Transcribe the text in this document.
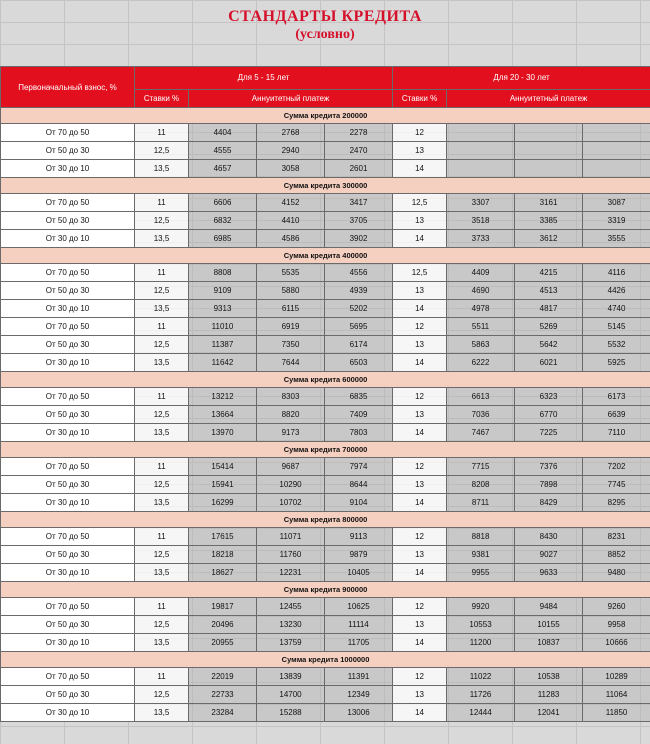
СТАНДАРТЫ КРЕДИТА
(условно)
Первоначальный взнос, %	Для 5 - 15 лет				Для 20 - 30 лет			
	Ставки %	Аннуитетный платеж			Ставки %	Аннуитетный платеж		
Сумма кредита 200000								
От 70 до 50	11	4404	2768	2278	12			
От 50 до 30	12,5	4555	2940	2470	13			
От 30 до 10	13,5	4657	3058	2601	14			
Сумма кредита 300000								
От 70 до 50	11	6606	4152	3417	12,5	3307	3161	3087
От 50 до 30	12,5	6832	4410	3705	13	3518	3385	3319
От 30 до 10	13,5	6985	4586	3902	14	3733	3612	3555
Сумма кредита 400000								
От 70 до 50	11	8808	5535	4556	12,5	4409	4215	4116
От 50 до 30	12,5	9109	5880	4939	13	4690	4513	4426
От 30 до 10	13,5	9313	6115	5202	14	4978	4817	4740
От 70 до 50	11	11010	6919	5695	12	5511	5269	5145
От 50 до 30	12,5	11387	7350	6174	13	5863	5642	5532
От 30 до 10	13,5	11642	7644	6503	14	6222	6021	5925
Сумма кредита 600000								
От 70 до 50	11	13212	8303	6835	12	6613	6323	6173
От 50 до 30	12,5	13664	8820	7409	13	7036	6770	6639
От 30 до 10	13,5	13970	9173	7803	14	7467	7225	7110
Сумма кредита 700000								
От 70 до 50	11	15414	9687	7974	12	7715	7376	7202
От 50 до 30	12,5	15941	10290	8644	13	8208	7898	7745
От 30 до 10	13,5	16299	10702	9104	14	8711	8429	8295
Сумма кредита 800000								
От 70 до 50	11	17615	11071	9113	12	8818	8430	8231
От 50 до 30	12,5	18218	11760	9879	13	9381	9027	8852
От 30 до 10	13,5	18627	12231	10405	14	9955	9633	9480
Сумма кредита 900000								
От 70 до 50	11	19817	12455	10625	12	9920	9484	9260
От 50 до 30	12,5	20496	13230	11114	13	10553	10155	9958
От 30 до 10	13,5	20955	13759	11705	14	11200	10837	10666
Сумма кредита 1000000								
От 70 до 50	11	22019	13839	11391	12	11022	10538	10289
От 50 до 30	12,5	22733	14700	12349	13	11726	11283	11064
От 30 до 10	13,5	23284	15288	13006	14	12444	12041	11850
